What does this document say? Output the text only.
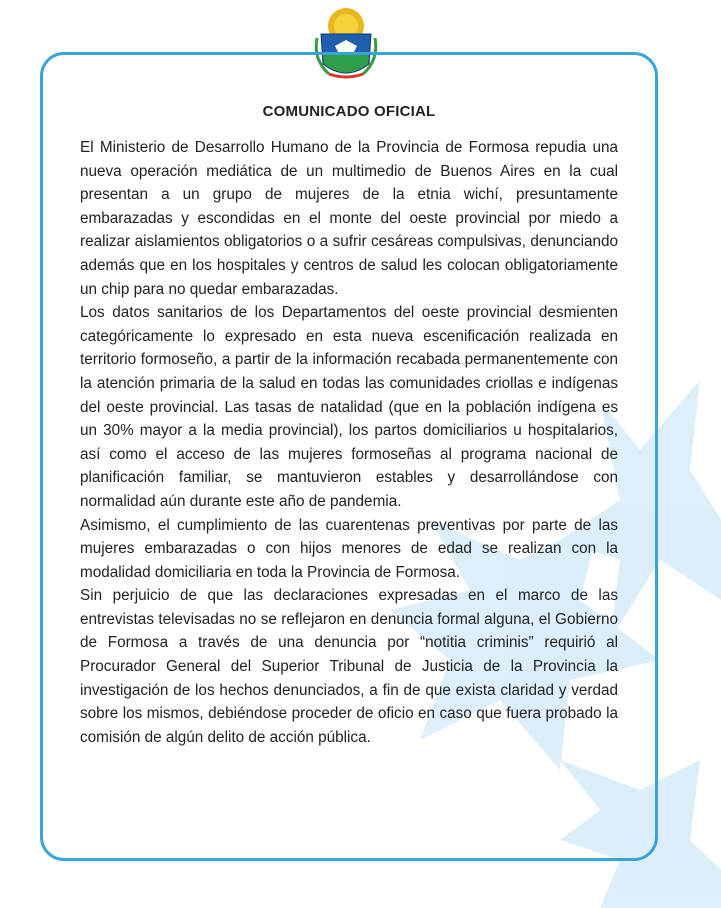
COMUNICADO OFICIAL

El Ministerio de Desarrollo Humano de la Provincia de Formosa repudia una nueva operación mediática de un multimedio de Buenos Aires en la cual presentan a un grupo de mujeres de la etnia wichí, presuntamente embarazadas y escondidas en el monte del oeste provincial por miedo a realizar aislamientos obligatorios o a sufrir cesáreas compulsivas, denunciando además que en los hospitales y centros de salud les colocan obligatoriamente un chip para no quedar embarazadas.

Los datos sanitarios de los Departamentos del oeste provincial desmienten categóricamente lo expresado en esta nueva escenificación realizada en territorio formoseño, a partir de la información recabada permanentemente con la atención primaria de la salud en todas las comunidades criollas e indígenas del oeste provincial. Las tasas de natalidad (que en la población indígena es un 30% mayor a la media provincial), los partos domiciliarios u hospitalarios, así como el acceso de las mujeres formoseñas al programa nacional de planificación familiar, se mantuvieron estables y desarrollándose con normalidad aún durante este año de pandemia.

Asimismo, el cumplimiento de las cuarentenas preventivas por parte de las mujeres embarazadas o con hijos menores de edad se realizan con la modalidad domiciliaria en toda la Provincia de Formosa.

Sin perjuicio de que las declaraciones expresadas en el marco de las entrevistas televisadas no se reflejaron en denuncia formal alguna, el Gobierno de Formosa a través de una denuncia por “notitia criminis” requirió al Procurador General del Superior Tribunal de Justicia de la Provincia la investigación de los hechos denunciados, a fin de que exista claridad y verdad sobre los mismos, debiéndose proceder de oficio en caso que fuera probado la comisión de algún delito de acción pública.
